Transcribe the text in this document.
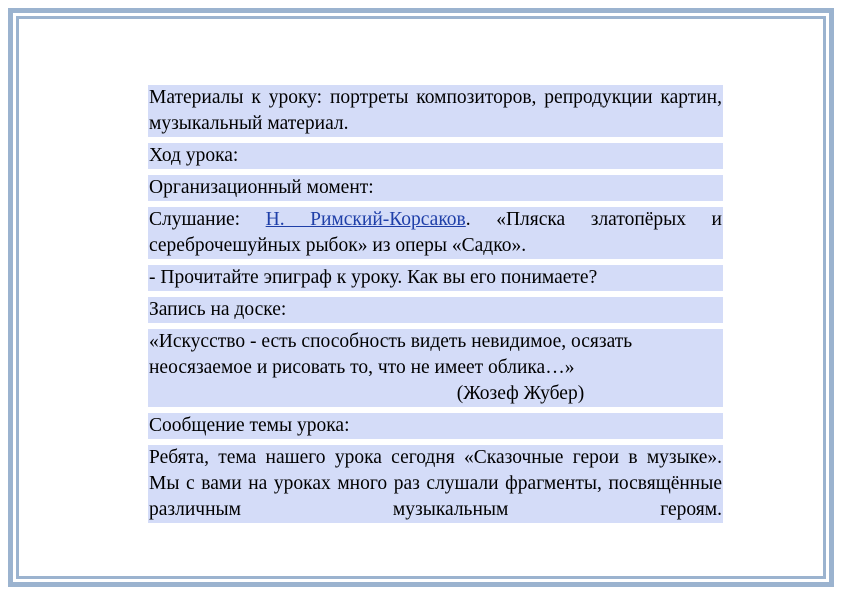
Материалы к уроку: портреты композиторов, репродукции картин, музыкальный материал.

Ход урока:

Организационный момент:

Слушание: Н. Римский-Корсаков. «Пляска златопёрых и сереброчешуйных рыбок» из оперы «Садко».

- Прочитайте эпиграф к уроку. Как вы его понимаете?

Запись на доске:

«Искусство - есть способность видеть невидимое, осязать
неосязаемое и рисовать то, что не имеет облика…»
(Жозеф Жубер)

Сообщение темы урока:

Ребята, тема нашего урока сегодня «Сказочные герои в музыке». Мы с вами на уроках много раз слушали фрагменты, посвящённые различным музыкальным героям.
